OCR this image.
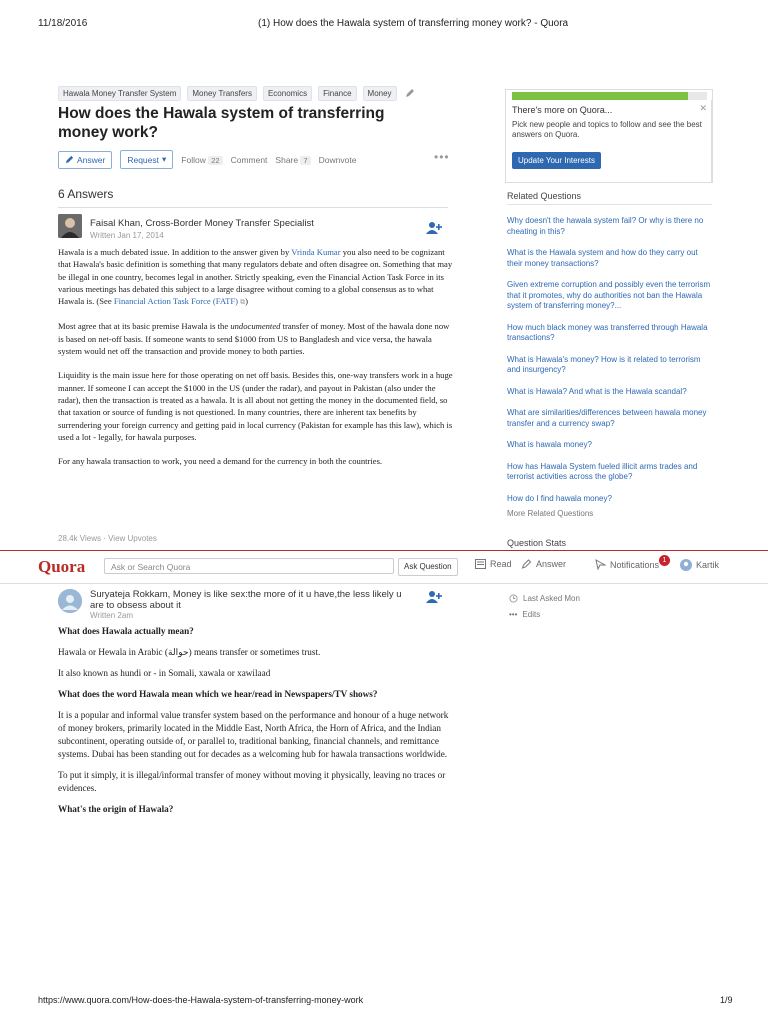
11/18/2016	(1) How does the Hawala system of transferring money work? - Quora
Hawala Money Transfer System	Money Transfers	Economics	Finance	Money
How does the Hawala system of transferring money work?
Answer	Request ▾ Follow 22	Comment Share 7	Downvote	•••
6 Answers
Faisal Khan, Cross-Border Money Transfer Specialist
Written Jan 17, 2014

Hawala is a much debated issue. In addition to the answer given by Vrinda Kumar you also need to be cognizant that Hawala's basic definition is something that many regulators debate and often disagree on. Something that may be illegal in one country, becomes legal in another. Strictly speaking, even the Financial Action Task Force in its various meetings has debated this subject to a large disagree without coming to a global consensus as to what Hawala is. (See Financial Action Task Force (FATF) ⧉)

Most agree that at its basic premise Hawala is the undocumented transfer of money. Most of the hawala done now is based on net-off basis. If someone wants to send $1000 from US to Bangladesh and vice versa, the hawala system would net off the transaction and provide money to both parties.

Liquidity is the main issue here for those operating on net off basis. Besides this, one-way transfers work in a huge manner. If someone I can accept the $1000 in the US (under the radar), and payout in Pakistan (also under the radar), then the transaction is treated as a hawala. It is all about not getting the money in the documented field, so that taxation or source of funding is not questioned. In many countries, there are inherent tax benefits by surrendering your foreign currency and getting paid in local currency (Pakistan for example has this law), which is used a lot - legally, for hawala purposes.

For any hawala transaction to work, you need a demand for the currency in both the countries.

28.4k Views · View Upvotes
There's more on Quora...	✕
Pick new people and topics to follow and see the best answers on Quora.
Update Your Interests
Related Questions
Why doesn't the hawala system fail? Or why is there no cheating in this?
What is the Hawala system and how do they carry out their money transactions?
Given extreme corruption and possibly even the terrorism that it promotes, why do authorities not ban the Hawala system of transferring money?...
How much black money was transferred through Hawala transactions?
What is Hawala's money? How is it related to terrorism and insurgency?
What is Hawala? And what is the Hawala scandal?
What are similarities/differences between hawala money transfer and a currency swap?
What is hawala money?
How has Hawala System fueled illicit arms trades and terrorist activities across the globe?
How do I find hawala money?
More Related Questions
Question Stats
Quora	Ask or Search Quora	Ask Question	Read	Answer	Notifications 1	Kartik
Suryateja Rokkam, Money is like sex:the more of it u have,the less likely u are to obsess about it
Written 2am
Last Asked Mon
••• Edits

What does Hawala actually mean?

Hawala or Hewala in Arabic (حوالة) means transfer or sometimes trust.

It also known as hundi or - in Somali, xawala or xawilaad

What does the word Hawala mean which we hear/read in Newspapers/TV shows?

It is a popular and informal value transfer system based on the performance and honour of a huge network of money brokers, primarily located in the Middle East, North Africa, the Horn of Africa, and the Indian subcontinent, operating outside of, or parallel to, traditional banking, financial channels, and remittance systems. Dubai has been standing out for decades as a welcoming hub for hawala transactions worldwide.

To put it simply, it is illegal/informal transfer of money without moving it physically, leaving no traces or evidences.

What's the origin of Hawala?

https://www.quora.com/How-does-the-Hawala-system-of-transferring-money-work	1/9
